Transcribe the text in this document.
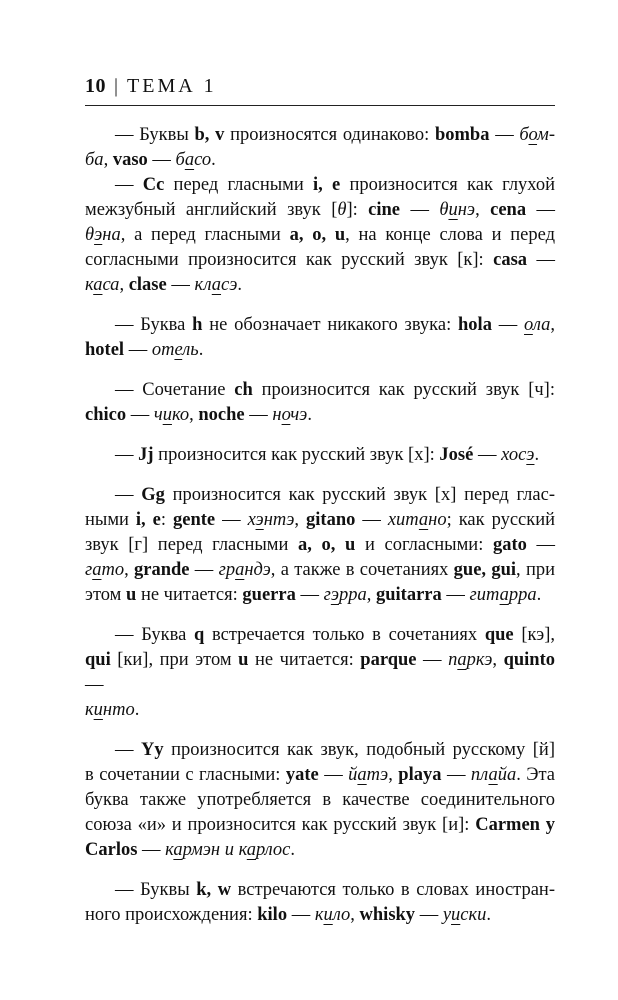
10 | ТЕМА 1
— Буквы b, v произносятся одинаково: bomba — бом-
ба, vaso — басо.
— Cc перед гласными i, e произносится как глухой
межзубный английский звук [θ]: cine — θинэ, cena —
θэна, а перед гласными a, o, u, на конце слова и перед
согласными произносится как русский звук [к]: casa —
каса, clase — класэ.
— Буква h не обозначает никакого звука: hola — ола,
hotel — отель.
— Сочетание ch произносится как русский звук [ч]:
chico — чико, noche — ночэ.
— Jj произносится как русский звук [х]: José — хосэ.
— Gg произносится как русский звук [х] перед глас-
ными i, e: gente — хэнтэ, gitano — хитано; как русский
звук [г] перед гласными a, o, u и согласными: gato —
гато, grande — грандэ, а также в сочетаниях gue, gui, при
этом u не читается: guerra — гэрра, guitarra — гитарра.
— Буква q встречается только в сочетаниях que [кэ],
qui [ки], при этом u не читается: parque — паркэ, quinto —
кинто.
— Yy произносится как звук, подобный русскому [й]
в сочетании с гласными: yate — йатэ, playa — плайа. Эта
буква также употребляется в качестве соединительного
союза «и» и произносится как русский звук [и]: Carmen y
Carlos — кармэн и карлос.
— Буквы k, w встречаются только в словах иностран-
ного происхождения: kilo — кило, whisky — уиски.
